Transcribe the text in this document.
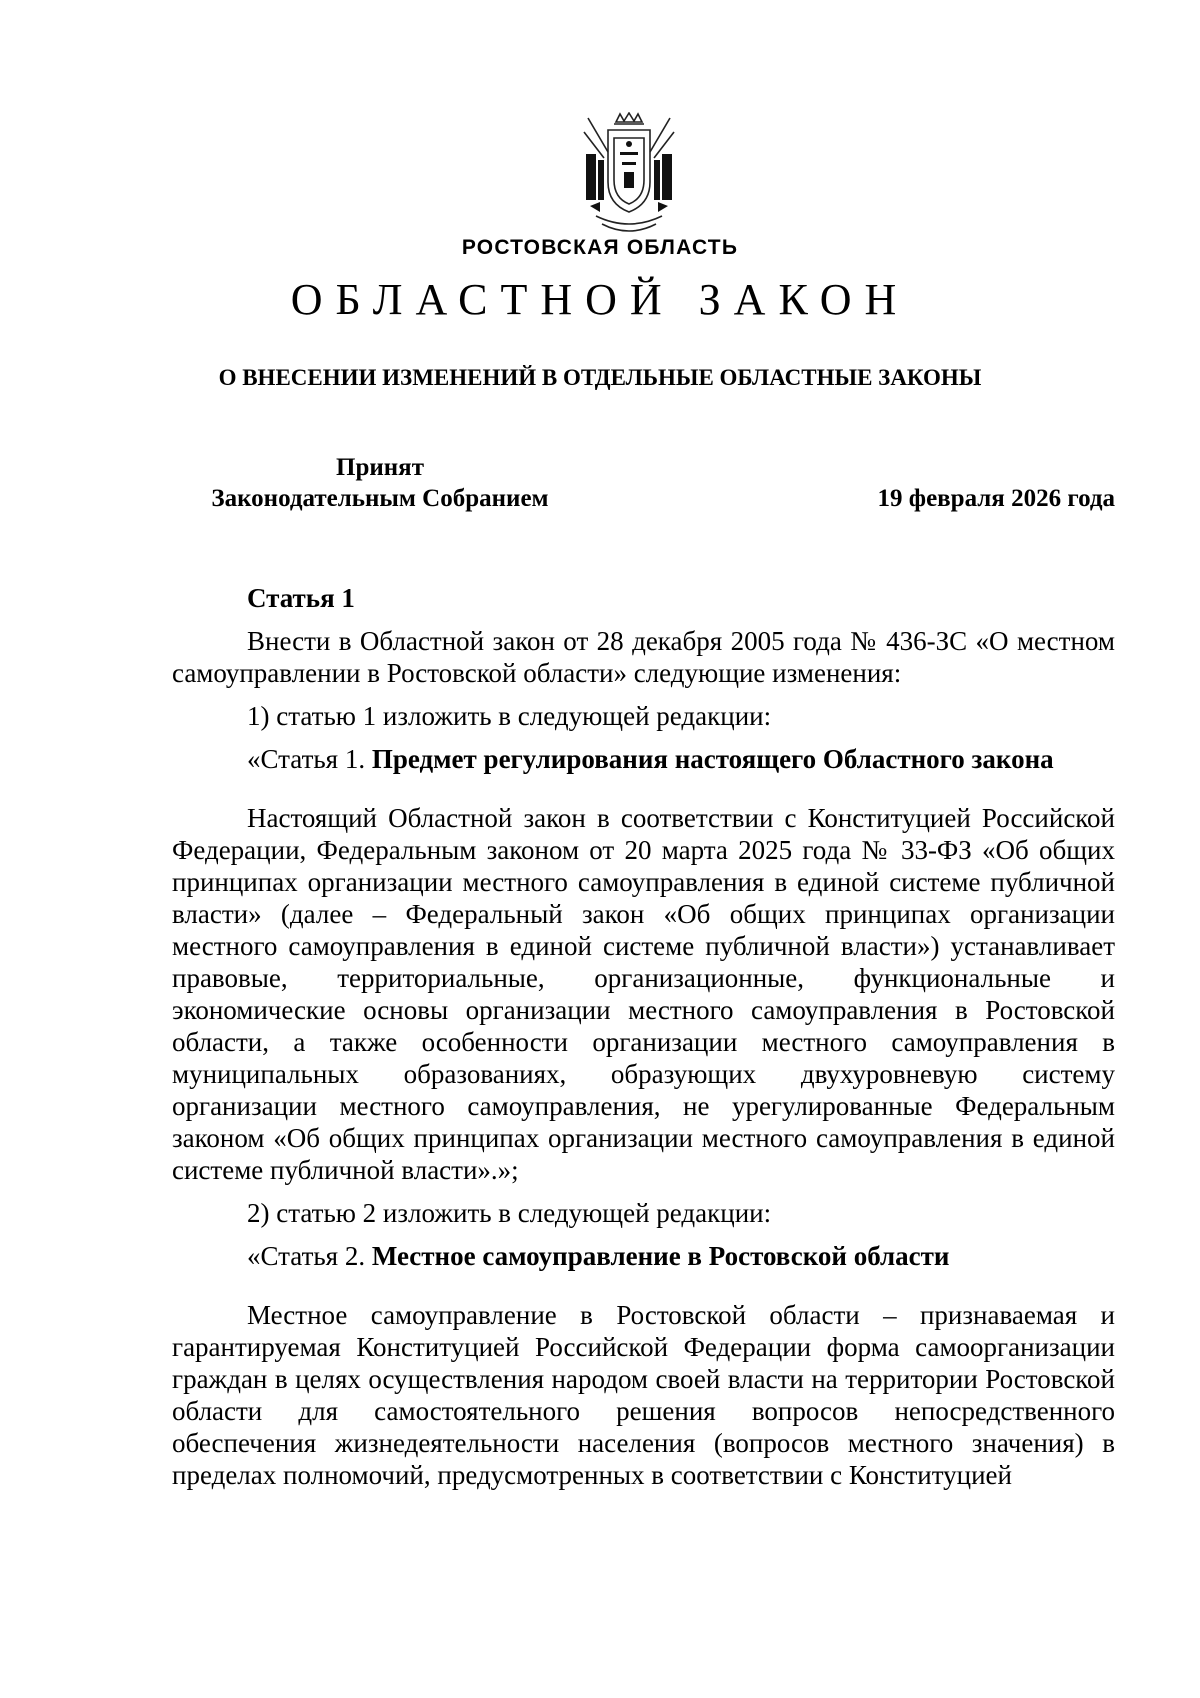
РОСТОВСКАЯ ОБЛАСТЬ
ОБЛАСТНОЙ ЗАКОН
О ВНЕСЕНИИ ИЗМЕНЕНИЙ В ОТДЕЛЬНЫЕ ОБЛАСТНЫЕ ЗАКОНЫ
Принят
Законодательным Собранием	19 февраля 2026 года

Статья 1

Внести в Областной закон от 28 декабря 2005 года № 436-ЗС «О местном самоуправлении в Ростовской области» следующие изменения:

1) статью 1 изложить в следующей редакции:

«Статья 1. Предмет регулирования настоящего Областного закона

Настоящий Областной закон в соответствии с Конституцией Российской Федерации, Федеральным законом от 20 марта 2025 года № 33-ФЗ «Об общих принципах организации местного самоуправления в единой системе публичной власти» (далее – Федеральный закон «Об общих принципах организации местного самоуправления в единой системе публичной власти») устанавливает правовые, территориальные, организационные, функциональные и экономические основы организации местного самоуправления в Ростовской области, а также особенности организации местного самоуправления в муниципальных образованиях, образующих двухуровневую систему организации местного самоуправления, не урегулированные Федеральным законом «Об общих принципах организации местного самоуправления в единой системе публичной власти».»;

2) статью 2 изложить в следующей редакции:

«Статья 2. Местное самоуправление в Ростовской области

Местное самоуправление в Ростовской области – признаваемая и гарантируемая Конституцией Российской Федерации форма самоорганизации граждан в целях осуществления народом своей власти на территории Ростовской области для самостоятельного решения вопросов непосредственного обеспечения жизнедеятельности населения (вопросов местного значения) в пределах полномочий, предусмотренных в соответствии с Конституцией
